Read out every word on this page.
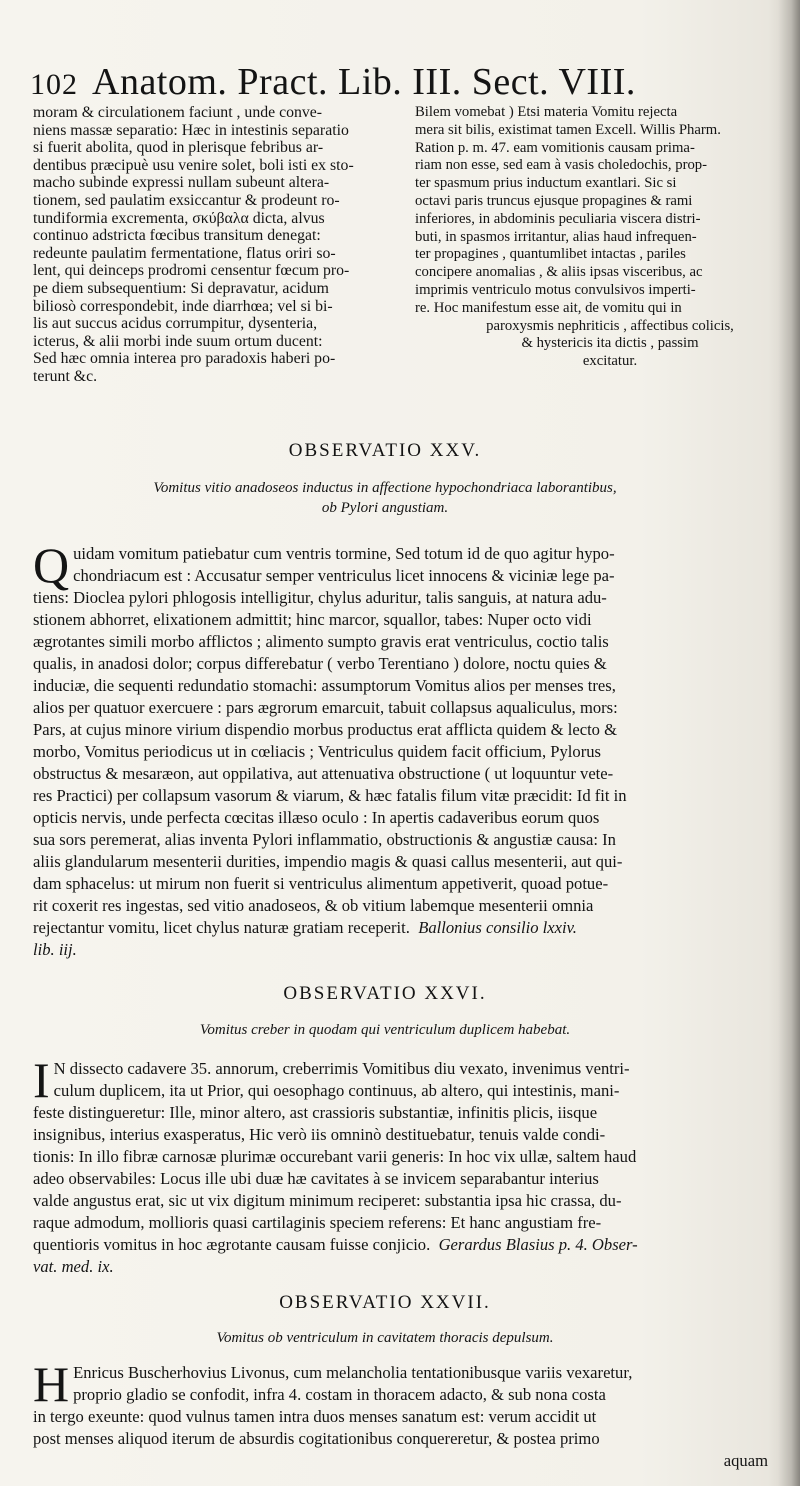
102 Anatom. Pract. Lib. III. Sect. VIII.
moram & circulationem faciunt , unde conve-
niens massæ separatio: Hæc in intestinis separatio
si fuerit abolita, quod in plerisque febribus ar-
dentibus præcipuè usu venire solet, boli isti ex sto-
macho subinde expressi nullam subeunt altera-
tionem, sed paulatim exsiccantur & prodeunt ro-
tundiformia excrementa, σκύβαλα dicta, alvus
continuo adstricta fœcibus transitum denegat:
redeunte paulatim fermentatione, flatus oriri so-
lent, qui deinceps prodromi censentur fœcum pro-
pe diem subsequentium: Si depravatur, acidum
biliosò correspondebit, inde diarrhœa; vel si bi-
lis aut succus acidus corrumpitur, dysenteria,
icterus, & alii morbi inde suum ortum ducent:
Sed hæc omnia interea pro paradoxis haberi po-
terunt &c.
Bilem vomebat ) Etsi materia Vomitu rejecta
mera sit bilis, existimat tamen Excell. Willis Pharm.
Ration p. m. 47. eam vomitionis causam prima-
riam non esse, sed eam à vasis choledochis, prop-
ter spasmum prius inductum exantlari. Sic si
octavi paris truncus ejusque propagines & rami
inferiores, in abdominis peculiaria viscera distri-
buti, in spasmos irritantur, alias haud infrequen-
ter propagines , quantumlibet intactas , pariles
concipere anomalias , & aliis ipsas visceribus, ac
imprimis ventriculo motus convulsivos imperti-
re. Hoc manifestum esse ait, de vomitu qui in
paroxysmis nephriticis , affectibus colicis,
& hystericis ita dictis , passim
excitatur.
OBSERVATIO XXV.
Vomitus vitio anadoseos inductus in affectione hypochondriaca laborantibus,
ob Pylori angustiam.
Q uidam vomitum patiebatur cum ventris tormine, Sed totum id de quo agitur hypo-
chondriacum est : Accusatur semper ventriculus licet innocens & viciniæ lege pa-
tiens: Dioclea pylori phlogosis intelligitur, chylus aduritur, talis sanguis, at natura adu-
stionem abhorret, elixationem admittit; hinc marcor, squallor, tabes: Nuper octo vidi
ægrotantes simili morbo afflictos ; alimento sumpto gravis erat ventriculus, coctio talis
qualis, in anadosi dolor; corpus differebatur ( verbo Terentiano ) dolore, noctu quies &
induciæ, die sequenti redundatio stomachi: assumptorum Vomitus alios per menses tres,
alios per quatuor exercuere : pars ægrorum emarcuit, tabuit collapsus aqualiculus, mors:
Pars, at cujus minore virium dispendio morbus productus erat afflicta quidem & lecto &
morbo, Vomitus periodicus ut in cœliacis ; Ventriculus quidem facit officium, Pylorus
obstructus & mesaræon, aut oppilativa, aut attenuativa obstructione ( ut loquuntur vete-
res Practici) per collapsum vasorum & viarum, & hæc fatalis filum vitæ præcidit: Id fit in
opticis nervis, unde perfecta cœcitas illæso oculo : In apertis cadaveribus eorum quos
sua sors peremerat, alias inventa Pylori inflammatio, obstructionis & angustiæ causa: In
aliis glandularum mesenterii durities, impendio magis & quasi callus mesenterii, aut qui-
dam sphacelus: ut mirum non fuerit si ventriculus alimentum appetiverit, quoad potue-
rit coxerit res ingestas, sed vitio anadoseos, & ob vitium labemque mesenterii omnia
rejectantur vomitu, licet chylus naturæ gratiam receperit. Ballonius consilio lxxiv.
lib. iij.
OBSERVATIO XXVI.
Vomitus creber in quodam qui ventriculum duplicem habebat.
I N dissecto cadavere 35. annorum, creberrimis Vomitibus diu vexato, invenimus ventri-
culum duplicem, ita ut Prior, qui oesophago continuus, ab altero, qui intestinis, mani-
feste distingueretur: Ille, minor altero, ast crassioris substantiæ, infinitis plicis, iisque
insignibus, interius exasperatus, Hic verò iis omninò destituebatur, tenuis valde condi-
tionis: In illo fibræ carnosæ plurimæ occurebant varii generis: In hoc vix ullæ, saltem haud
adeo observabiles: Locus ille ubi duæ hæ cavitates à se invicem separabantur interius
valde angustus erat, sic ut vix digitum minimum reciperet: substantia ipsa hic crassa, du-
raque admodum, mollioris quasi cartilaginis speciem referens: Et hanc angustiam fre-
quentioris vomitus in hoc ægrotante causam fuisse conjicio. Gerardus Blasius p. 4. Obser-
vat. med. ix.
OBSERVATIO XXVII.
Vomitus ob ventriculum in cavitatem thoracis depulsum.
H Enricus Buscherhovius Livonus, cum melancholia tentationibusque variis vexaretur,
proprio gladio se confodit, infra 4. costam in thoracem adacto, & sub nona costa
in tergo exeunte: quod vulnus tamen intra duos menses sanatum est: verum accidit ut
post menses aliquod iterum de absurdis cogitationibus conquereretur, & postea primo
aquam
